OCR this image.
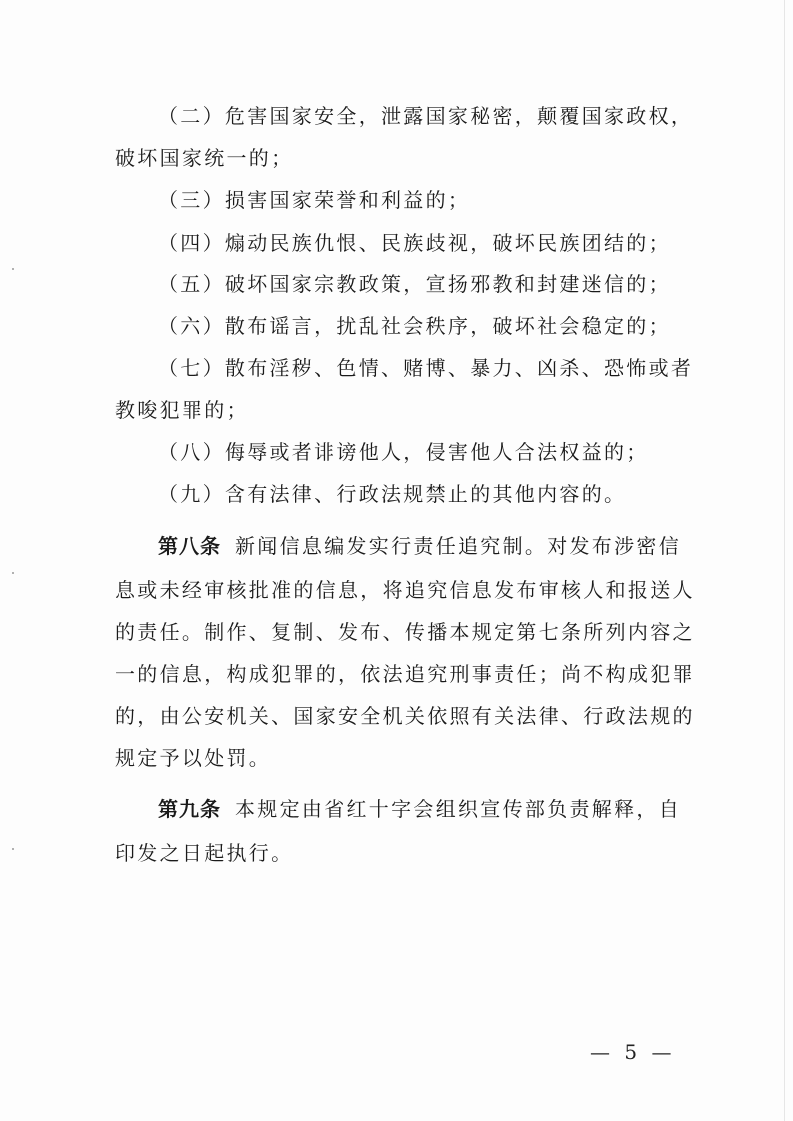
（二）危害国家安全，泄露国家秘密，颠覆国家政权，
破坏国家统一的；
（三）损害国家荣誉和利益的；
（四）煽动民族仇恨、民族歧视，破坏民族团结的；
（五）破坏国家宗教政策，宣扬邪教和封建迷信的；
（六）散布谣言，扰乱社会秩序，破坏社会稳定的；
（七）散布淫秽、色情、赌博、暴力、凶杀、恐怖或者
教唆犯罪的；
（八）侮辱或者诽谤他人，侵害他人合法权益的；
（九）含有法律、行政法规禁止的其他内容的。
第八条 新闻信息编发实行责任追究制。对发布涉密信
息或未经审核批准的信息，将追究信息发布审核人和报送人
的责任。制作、复制、发布、传播本规定第七条所列内容之
一的信息，构成犯罪的，依法追究刑事责任；尚不构成犯罪
的，由公安机关、国家安全机关依照有关法律、行政法规的
规定予以处罚。
第九条 本规定由省红十字会组织宣传部负责解释，自
印发之日起执行。
— 5 —
